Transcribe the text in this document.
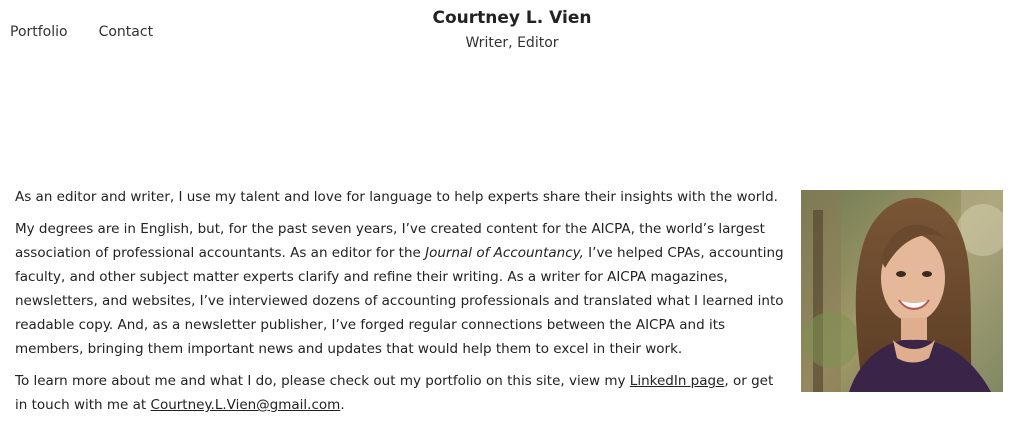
Portfolio Contact
Courtney L. Vien
Writer, Editor

As an editor and writer, I use my talent and love for language to help experts share their insights with the world.

My degrees are in English, but, for the past seven years, I’ve created content for the AICPA, the world’s largest association of professional accountants. As an editor for the Journal of Accountancy, I’ve helped CPAs, accounting faculty, and other subject matter experts clarify and refine their writing. As a writer for AICPA magazines, newsletters, and websites, I’ve interviewed dozens of accounting professionals and translated what I learned into readable copy. And, as a newsletter publisher, I’ve forged regular connections between the AICPA and its members, bringing them important news and updates that would help them to excel in their work.

To learn more about me and what I do, please check out my portfolio on this site, view my LinkedIn page, or get in touch with me at Courtney.L.Vien@gmail.com.
